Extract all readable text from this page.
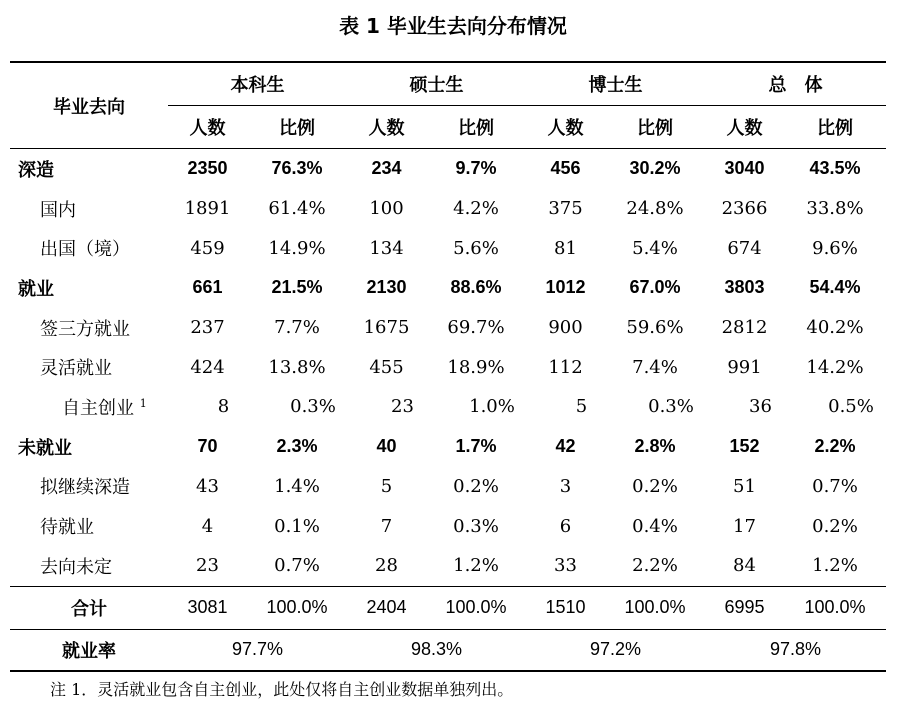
表 1 毕业生去向分布情况
毕业去向	本科生	硕士生	博士生	总　体
人数	比例	人数	比例	人数	比例	人数	比例
深造	2350	76.3%	234	9.7%	456	30.2%	3040	43.5%
国内	1891	61.4%	100	4.2%	375	24.8%	2366	33.8%
出国（境）	459	14.9%	134	5.6%	81	5.4%	674	9.6%
就业	661	21.5%	2130	88.6%	1012	67.0%	3803	54.4%
签三方就业	237	7.7%	1675	69.7%	900	59.6%	2812	40.2%
灵活就业	424	13.8%	455	18.9%	112	7.4%	991	14.2%
自主创业 $^1$	8	0.3%	23	1.0%	5	0.3%	36	0.5%
未就业	70	2.3%	40	1.7%	42	2.8%	152	2.2%
拟继续深造	43	1.4%	5	0.2%	3	0.2%	51	0.7%
待就业	4	0.1%	7	0.3%	6	0.4%	17	0.2%
去向未定	23	0.7%	28	1.2%	33	2.2%	84	1.2%
合计	3081	100.0%	2404	100.0%	1510	100.0%	6995	100.0%
就业率	97.7%	98.3%	97.2%	97.8%
注 1．灵活就业包含自主创业，此处仅将自主创业数据单独列出。
